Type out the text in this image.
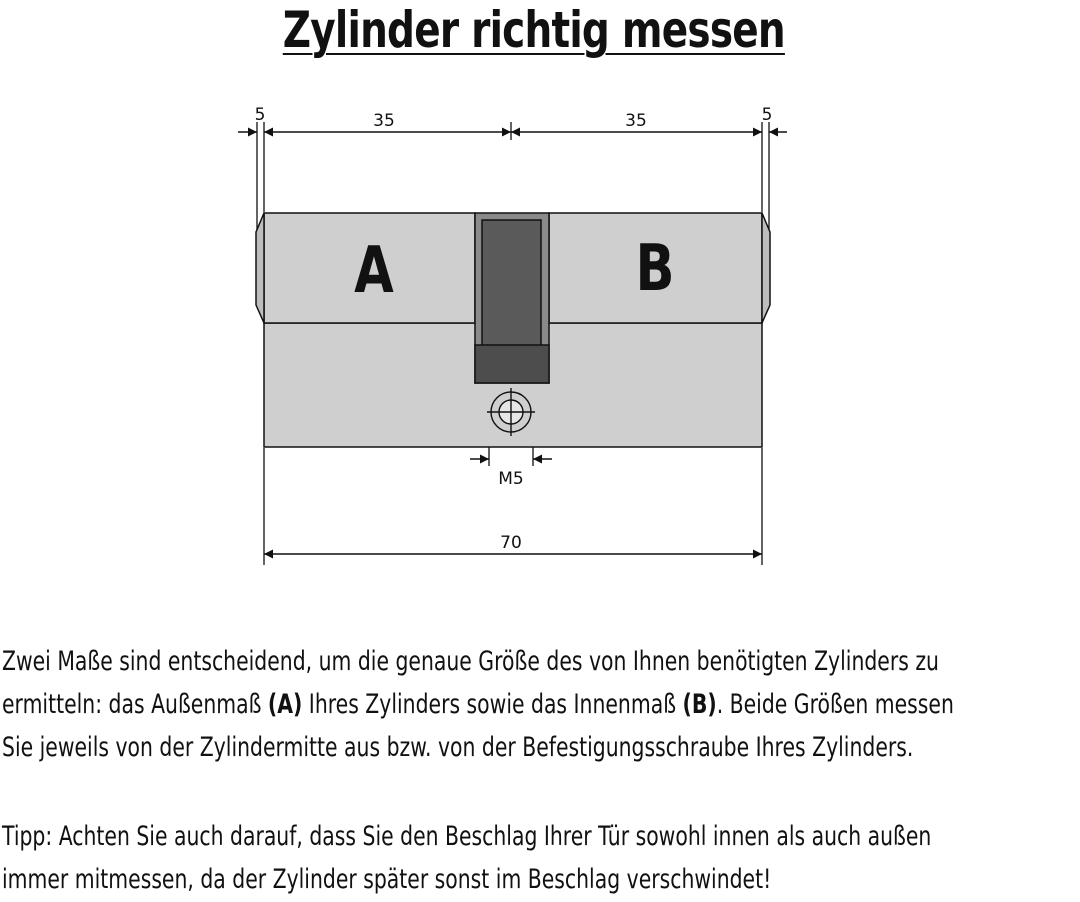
Zylinder richtig messen
5	35	35	5
M5
70
A	B
Zwei Maße sind entscheidend, um die genaue Größe des von Ihnen benötigten Zylinders zu
ermitteln: das Außenmaß (A) Ihres Zylinders sowie das Innenmaß (B). Beide Größen messen
Sie jeweils von der Zylindermitte aus bzw. von der Befestigungsschraube Ihres Zylinders.
Tipp: Achten Sie auch darauf, dass Sie den Beschlag Ihrer Tür sowohl innen als auch außen
immer mitmessen, da der Zylinder später sonst im Beschlag verschwindet!
